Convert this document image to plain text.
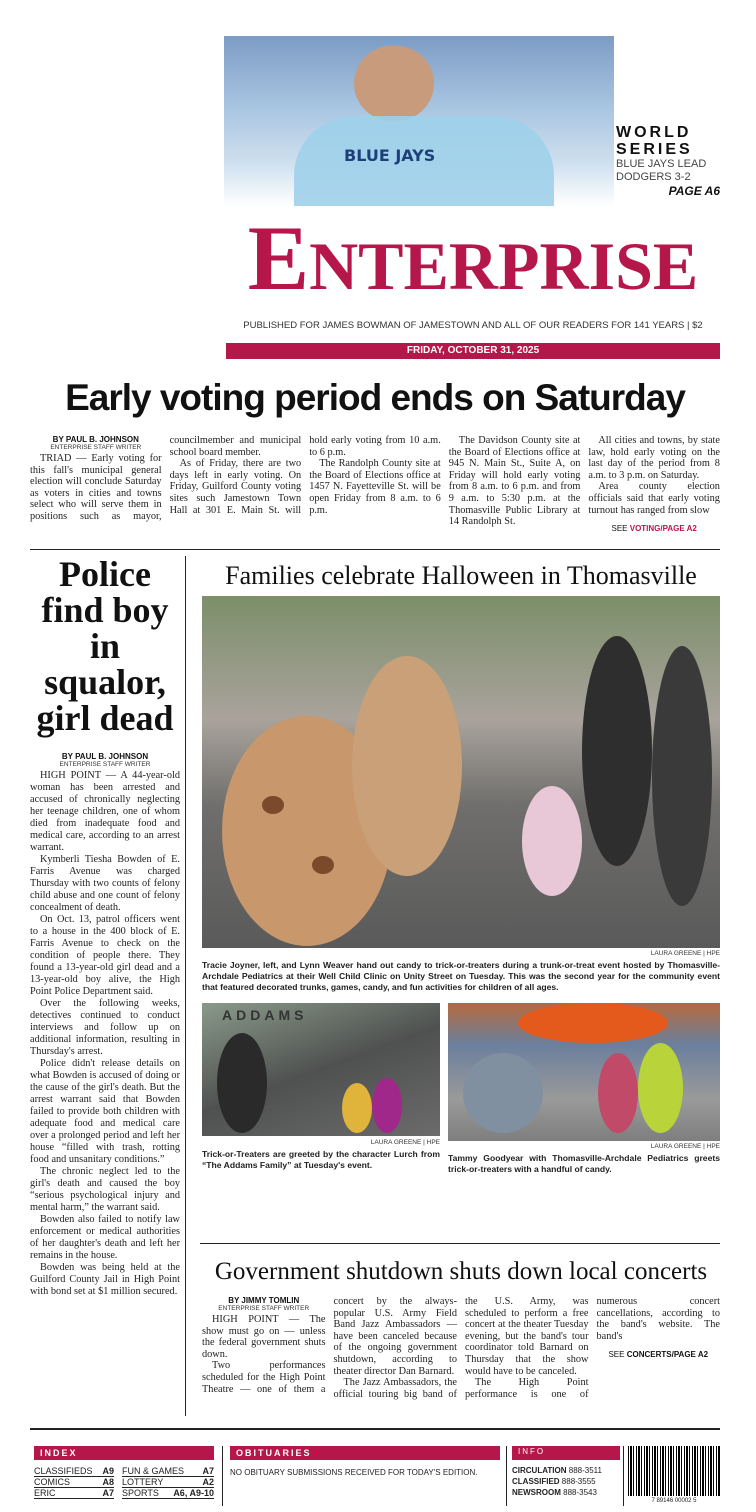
BLUE JAYS
WORLD
SERIES
BLUE JAYS LEAD
DODGERS 3-2
PAGE A6
ENTERPRISE
PUBLISHED FOR JAMES BOWMAN OF JAMESTOWN AND ALL OF OUR READERS FOR 141 YEARS | $2
FRIDAY, OCTOBER 31, 2025
Early voting period ends on Saturday
BY PAUL B. JOHNSON
ENTERPRISE STAFF WRITER

TRIAD — Early voting for this fall's municipal general election will conclude Saturday as voters in cities and towns select who will serve them in positions such as mayor, councilmember and municipal school board member.

As of Friday, there are two days left in early voting. On Friday, Guilford County voting sites such Jamestown Town Hall at 301 E. Main St. will hold early voting from 10 a.m. to 6 p.m.

The Randolph County site at the Board of Elections office at 1457 N. Fayetteville St. will be open Friday from 8 a.m. to 6 p.m.

The Davidson County site at the Board of Elections office at 945 N. Main St., Suite A, on Friday will hold early voting from 8 a.m. to 6 p.m. and from 9 a.m. to 5:30 p.m. at the Thomasville Public Library at 14 Randolph St.

All cities and towns, by state law, hold early voting on the last day of the period from 8 a.m. to 3 p.m. on Saturday.

Area county election officials said that early voting turnout has ranged from slow

SEE VOTING/PAGE A2
Police find boy in squalor, girl dead
BY PAUL B. JOHNSON
ENTERPRISE STAFF WRITER

HIGH POINT — A 44-year-old woman has been arrested and accused of chronically neglecting her teenage children, one of whom died from inadequate food and medical care, according to an arrest warrant.

Kymberli Tiesha Bowden of E. Farris Avenue was charged Thursday with two counts of felony child abuse and one count of felony concealment of death.

On Oct. 13, patrol officers went to a house in the 400 block of E. Farris Avenue to check on the condition of people there. They found a 13-year-old girl dead and a 13-year-old boy alive, the High Point Police Department said.

Over the following weeks, detectives continued to conduct interviews and follow up on additional information, resulting in Thursday's arrest.

Police didn't release details on what Bowden is accused of doing or the cause of the girl's death. But the arrest warrant said that Bowden failed to provide both children with adequate food and medical care over a prolonged period and left her house “filled with trash, rotting food and unsanitary conditions.”

The chronic neglect led to the girl's death and caused the boy “serious psychological injury and mental harm,” the warrant said.

Bowden also failed to notify law enforcement or medical authorities of her daughter's death and left her remains in the house.

Bowden was being held at the Guilford County Jail in High Point with bond set at $1 million secured.

Families celebrate Halloween in Thomasville
LAURA GREENE | HPE
Tracie Joyner, left, and Lynn Weaver hand out candy to trick-or-treaters during a trunk-or-treat event hosted by Thomasville-Archdale Pediatrics at their Well Child Clinic on Unity Street on Tuesday. This was the second year for the community event that featured decorated trunks, games, candy, and fun activities for children of all ages.
ADDAMS
LAURA GREENE | HPE
Trick-or-Treaters are greeted by the character Lurch from “The Addams Family” at Tuesday's event.
LAURA GREENE | HPE
Tammy Goodyear with Thomasville-Archdale Pediatrics greets trick-or-treaters with a handful of candy.
Government shutdown shuts down local concerts
BY JIMMY TOMLIN
ENTERPRISE STAFF WRITER

HIGH POINT — The show must go on — unless the federal government shuts down.

Two performances scheduled for the High Point Theatre — one of them a concert by the always-popular U.S. Army Field Band Jazz Ambassadors — have been canceled because of the ongoing government shutdown, according to theater director Dan Barnard.

The Jazz Ambassadors, the official touring big band of the U.S. Army, was scheduled to perform a free concert at the theater Tuesday evening, but the band's tour coordinator told Barnard on Thursday that the show would have to be canceled.

The High Point performance is one of numerous concert cancellations, according to the band's website. The band's

SEE CONCERTS/PAGE A2
INDEX
CLASSIFIEDS A9
COMICS	A8
ERIC	A7
FUN & GAMES A7
LOTTERY	A2
SPORTS A6, A9-10
OBITUARIES
NO OBITUARY SUBMISSIONS RECEIVED FOR TODAY'S EDITION.
INFO
CIRCULATION 888-3511
CLASSIFIED 888-3555
NEWSROOM 888-3543
7 89146 00002 5
